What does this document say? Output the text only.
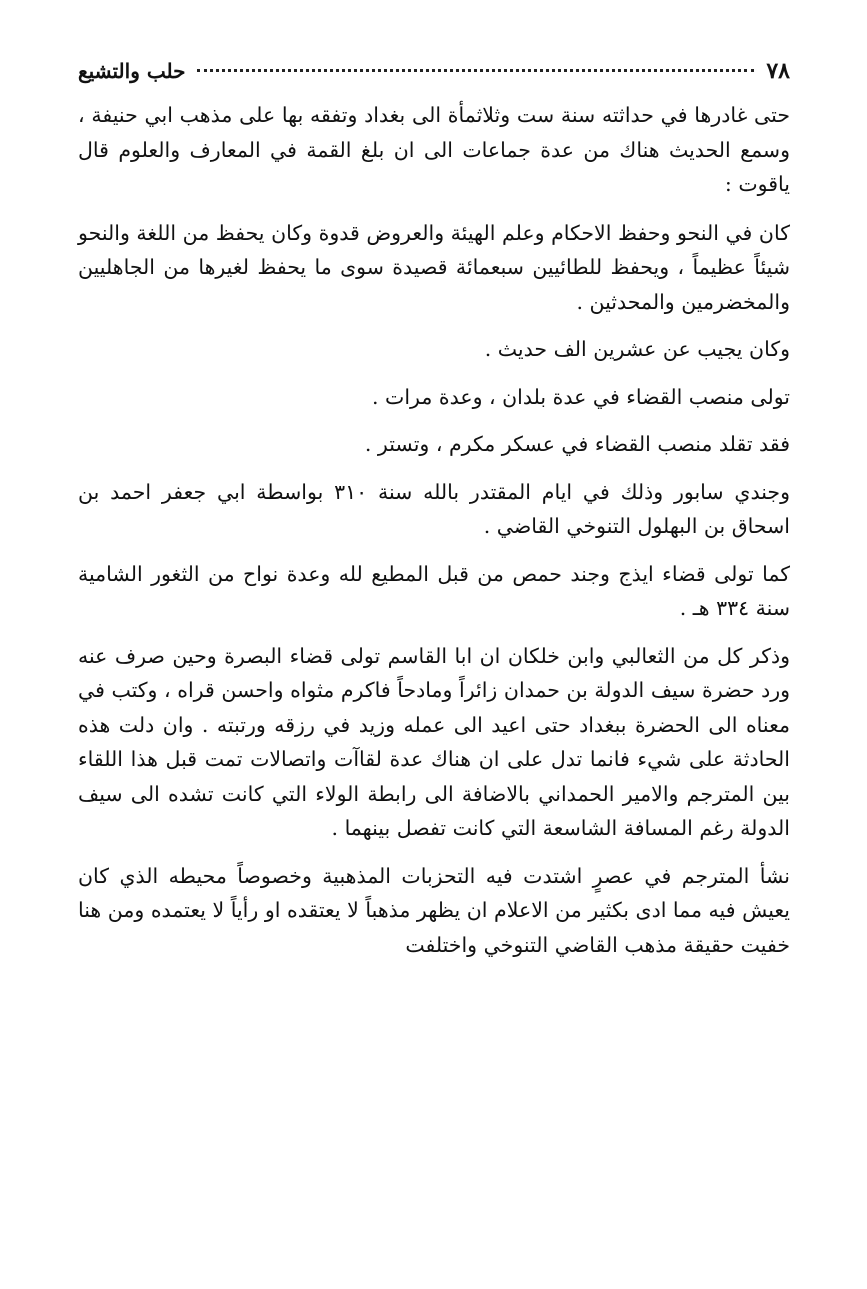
٧٨
حلب والتشيع

حتى غادرها في حداثته سنة ست وثلاثمأة الى بغداد وتفقه بها على مذهب ابي حنيفة ، وسمع الحديث هناك من عدة جماعات الى ان بلغ القمة في المعارف والعلوم قال ياقوت :

كان في النحو وحفظ الاحكام وعلم الهيئة والعروض قدوة وكان يحفظ من اللغة والنحو شيئاً عظيماً ، ويحفظ للطائيين سبعمائة قصيدة سوى ما يحفظ لغيرها من الجاهليين والمخضرمين والمحدثين .

وكان يجيب عن عشرين الف حديث .

تولى منصب القضاء في عدة بلدان ، وعدة مرات .

فقد تقلد منصب القضاء في عسكر مكرم ، وتستر .

وجندي سابور وذلك في ايام المقتدر بالله سنة ٣١٠ بواسطة ابي جعفر احمد بن اسحاق بن البهلول التنوخي القاضي .

كما تولى قضاء ايذج وجند حمص من قبل المطيع لله وعدة نواح من الثغور الشامية سنة ٣٣٤ هـ .

وذكر كل من الثعالبي وابن خلكان ان ابا القاسم تولى قضاء البصرة وحين صرف عنه ورد حضرة سيف الدولة بن حمدان زائراً ومادحاً فاكرم مثواه واحسن قراه ، وكتب في معناه الى الحضرة ببغداد حتى اعيد الى عمله وزيد في رزقه ورتبته . وان دلت هذه الحادثة على شيء فانما تدل على ان هناك عدة لقاآت واتصالات تمت قبل هذا اللقاء بين المترجم والامير الحمداني بالاضافة الى رابطة الولاء التي كانت تشده الى سيف الدولة رغم المسافة الشاسعة التي كانت تفصل بينهما .

نشأ المترجم في عصرٍ اشتدت فيه التحزبات المذهبية وخصوصاً محيطه الذي كان يعيش فيه مما ادى بكثير من الاعلام ان يظهر مذهباً لا يعتقده او رأياً لا يعتمده ومن هنا خفيت حقيقة مذهب القاضي التنوخي واختلفت
